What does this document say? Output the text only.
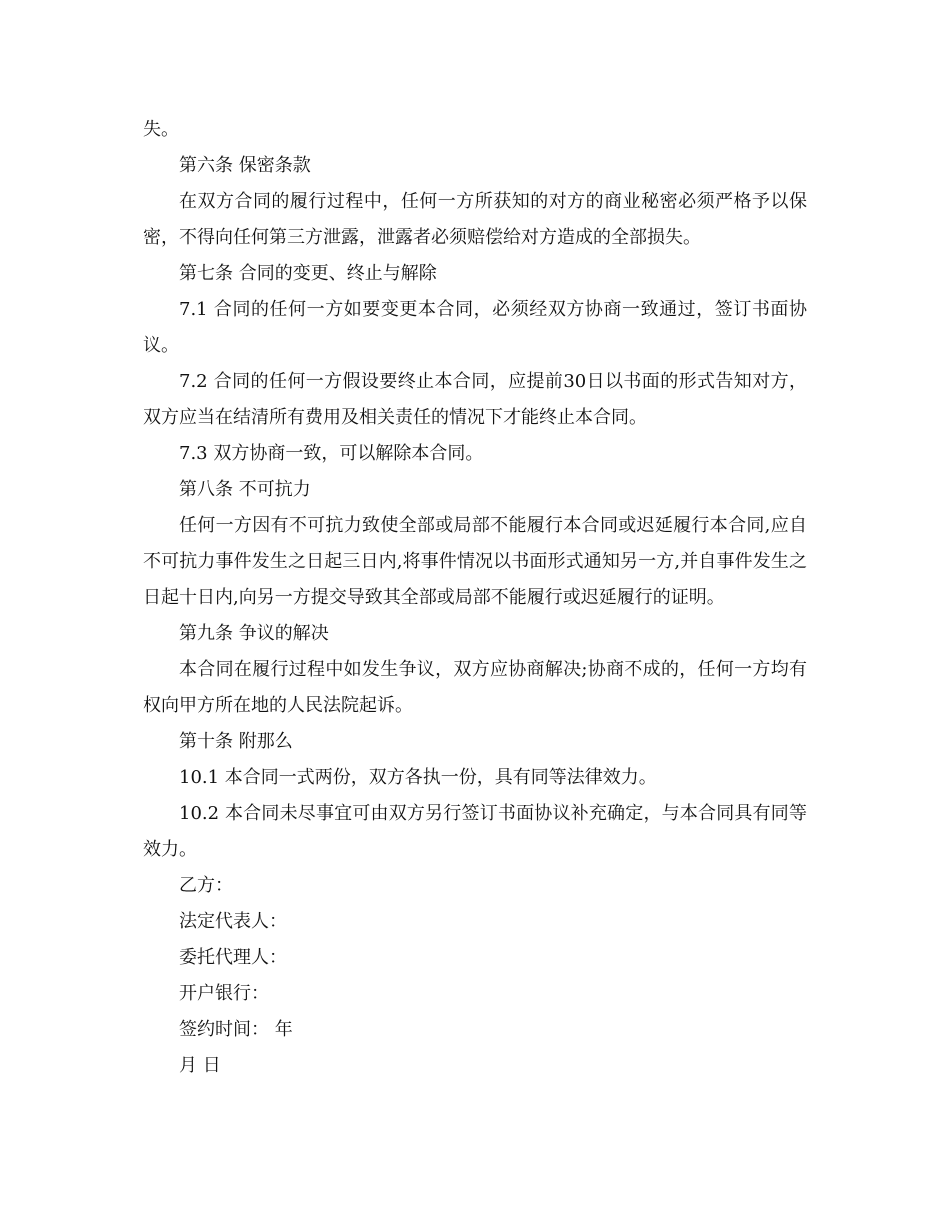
失。

第六条 保密条款

在双方合同的履行过程中，任何一方所获知的对方的商业秘密必须严格予以保密，不得向任何第三方泄露，泄露者必须赔偿给对方造成的全部损失。

第七条 合同的变更、终止与解除

7.1 合同的任何一方如要变更本合同，必须经双方协商一致通过，签订书面协议。

7.2 合同的任何一方假设要终止本合同，应提前30日以书面的形式告知对方，双方应当在结清所有费用及相关责任的情况下才能终止本合同。

7.3 双方协商一致，可以解除本合同。

第八条 不可抗力

任何一方因有不可抗力致使全部或局部不能履行本合同或迟延履行本合同,应自不可抗力事件发生之日起三日内,将事件情况以书面形式通知另一方,并自事件发生之日起十日内,向另一方提交导致其全部或局部不能履行或迟延履行的证明。

第九条 争议的解决

本合同在履行过程中如发生争议，双方应协商解决;协商不成的，任何一方均有权向甲方所在地的人民法院起诉。

第十条 附那么

10.1 本合同一式两份，双方各执一份，具有同等法律效力。

10.2 本合同未尽事宜可由双方另行签订书面协议补充确定，与本合同具有同等效力。

乙方：

法定代表人：

委托代理人：

开户银行：

签约时间： 年

月 日
